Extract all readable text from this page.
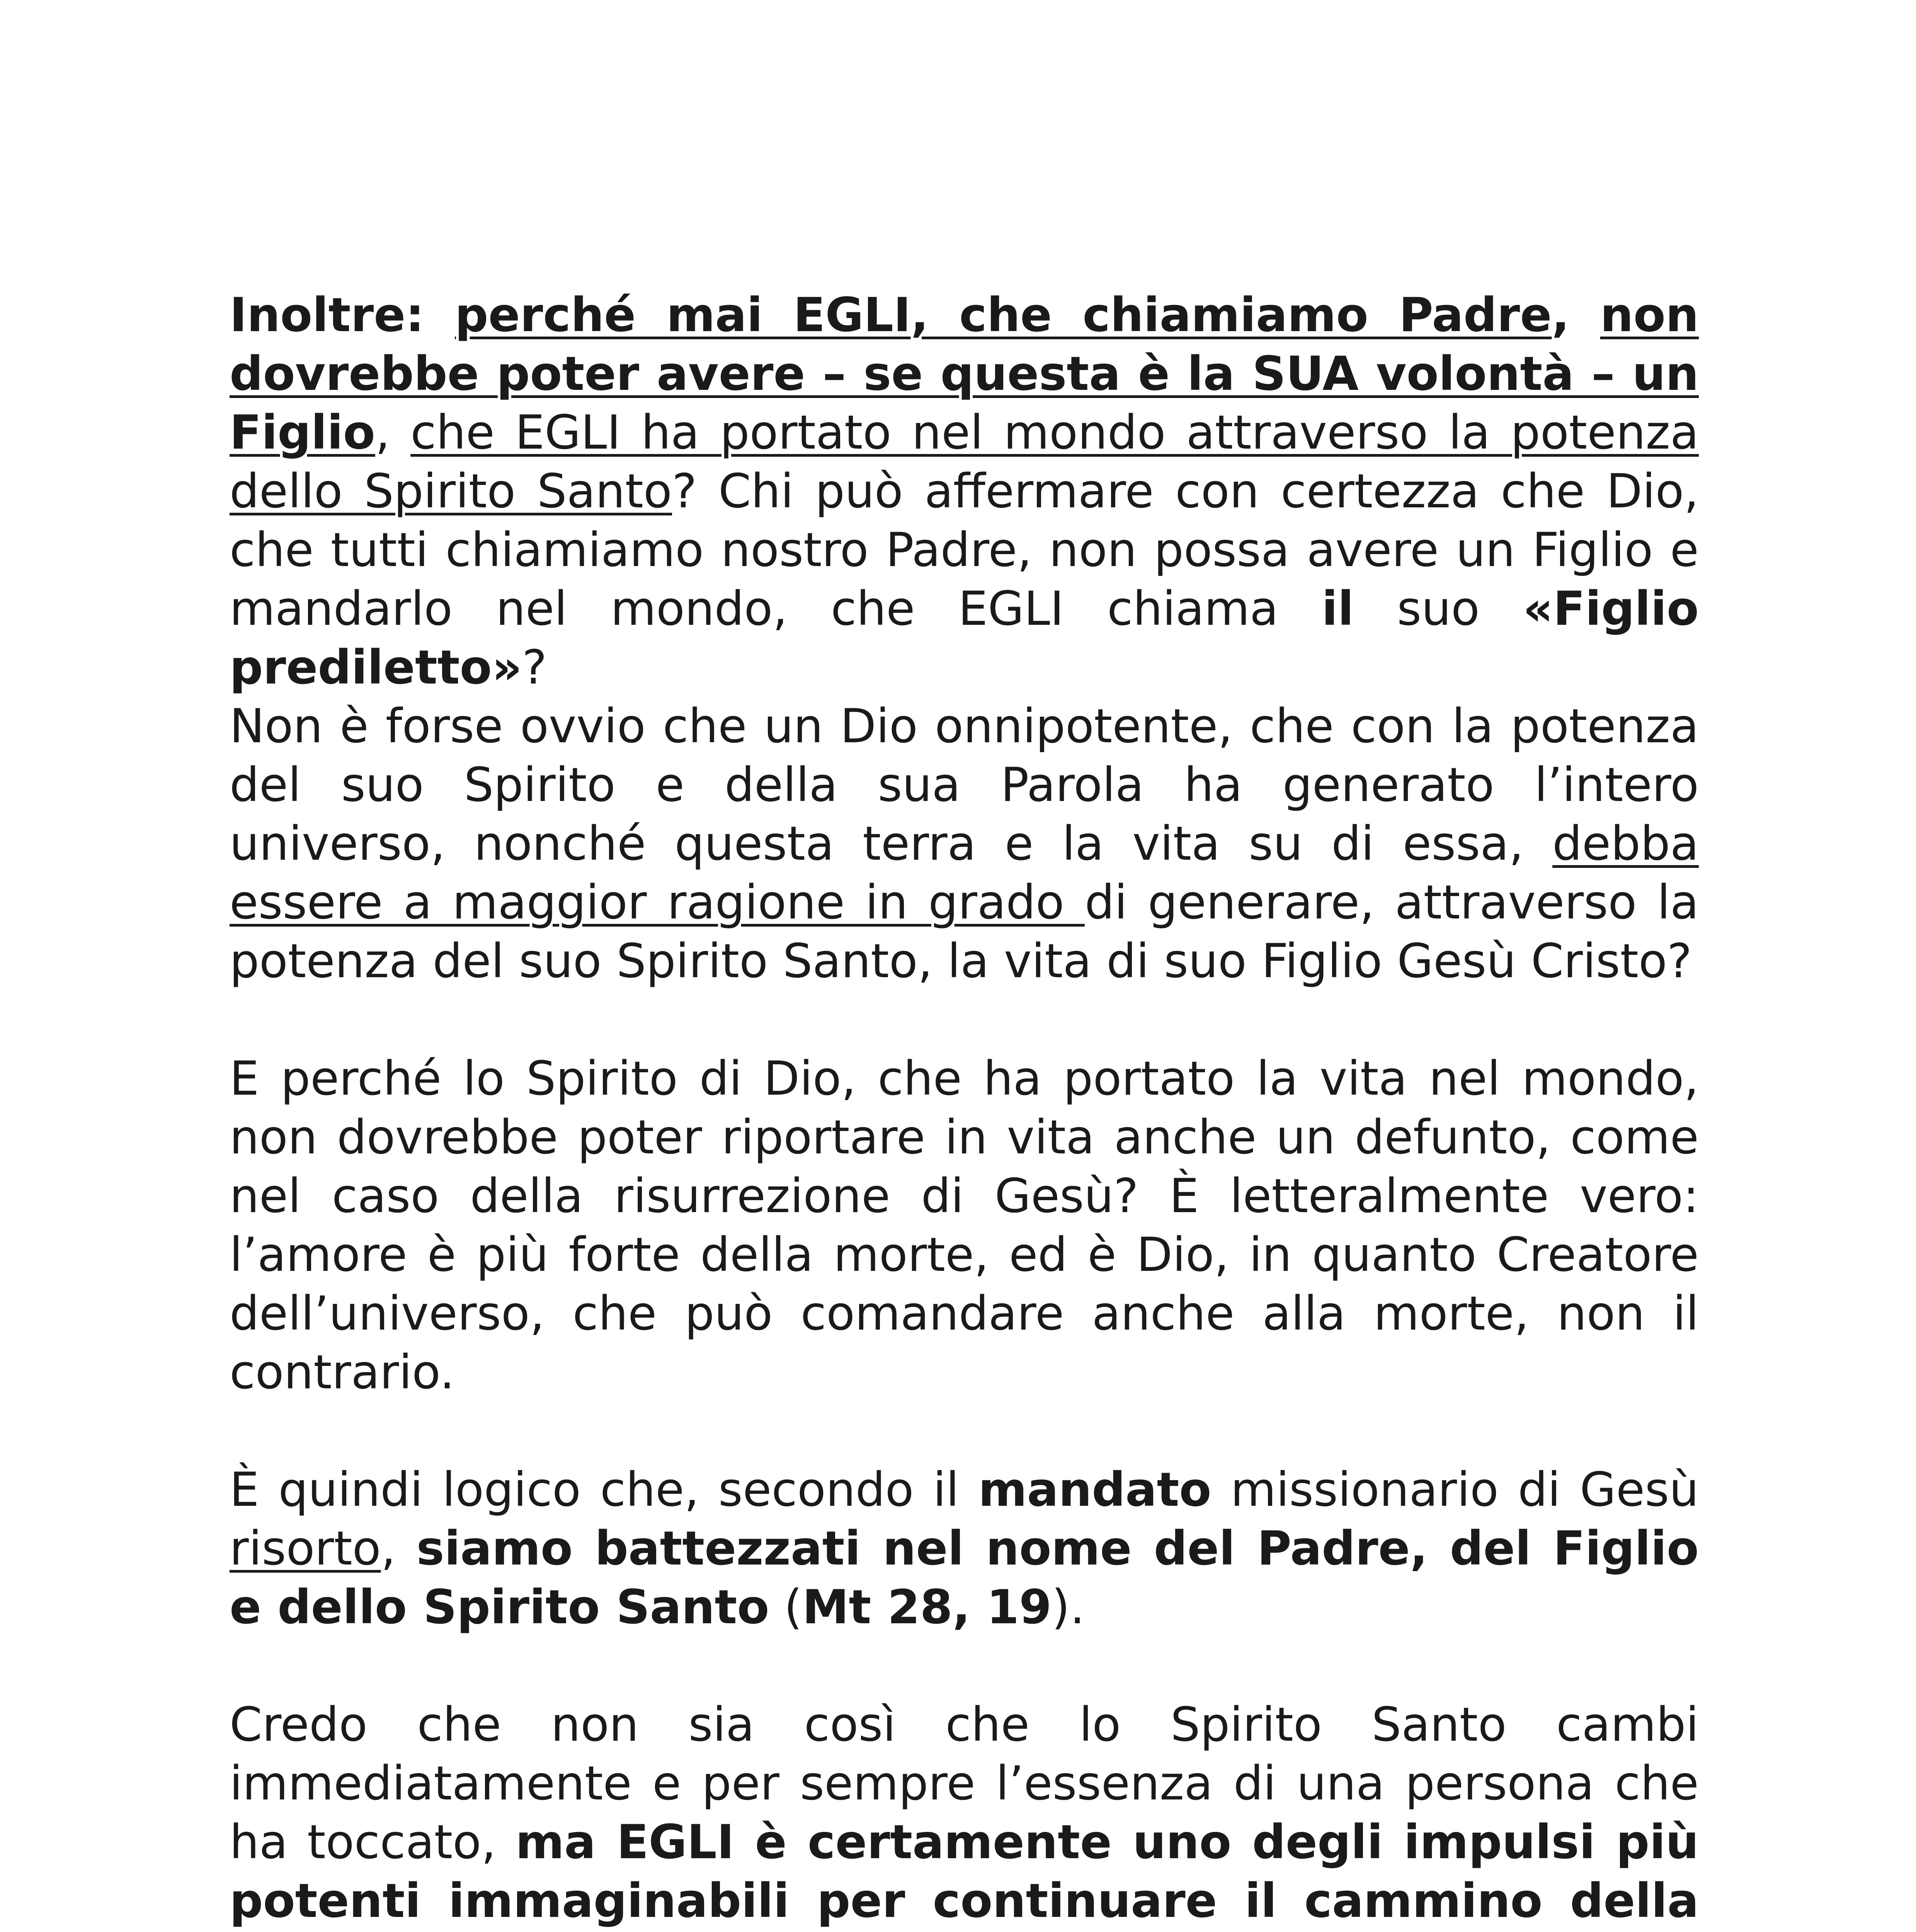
Inoltre: perché mai EGLI, che chiamiamo Padre, non dovrebbe poter avere – se questa è la SUA volontà – un Figlio, che EGLI ha portato nel mondo attraverso la potenza dello Spirito Santo? Chi può affermare con certezza che Dio, che tutti chiamiamo nostro Padre, non possa avere un Figlio e mandarlo nel mondo, che EGLI chiama il suo «Figlio prediletto»?

Non è forse ovvio che un Dio onnipotente, che con la potenza del suo Spirito e della sua Parola ha generato l’intero universo, nonché questa terra e la vita su di essa, debba essere a maggior ragione in grado di generare, attraverso la potenza del suo Spirito Santo, la vita di suo Figlio Gesù Cristo?

E perché lo Spirito di Dio, che ha portato la vita nel mondo, non dovrebbe poter riportare in vita anche un defunto, come nel caso della risurrezione di Gesù? È letteralmente vero: l’amore è più forte della morte, ed è Dio, in quanto Creatore dell’universo, che può comandare anche alla morte, non il contrario.

È quindi logico che, secondo il mandato missionario di Gesù risorto, siamo battezzati nel nome del Padre, del Figlio e dello Spirito Santo (Mt 28, 19).

Credo che non sia così che lo Spirito Santo cambi immediatamente e per sempre l’essenza di una persona che ha toccato, ma EGLI è certamente uno degli impulsi più potenti immaginabili per continuare il cammino della
